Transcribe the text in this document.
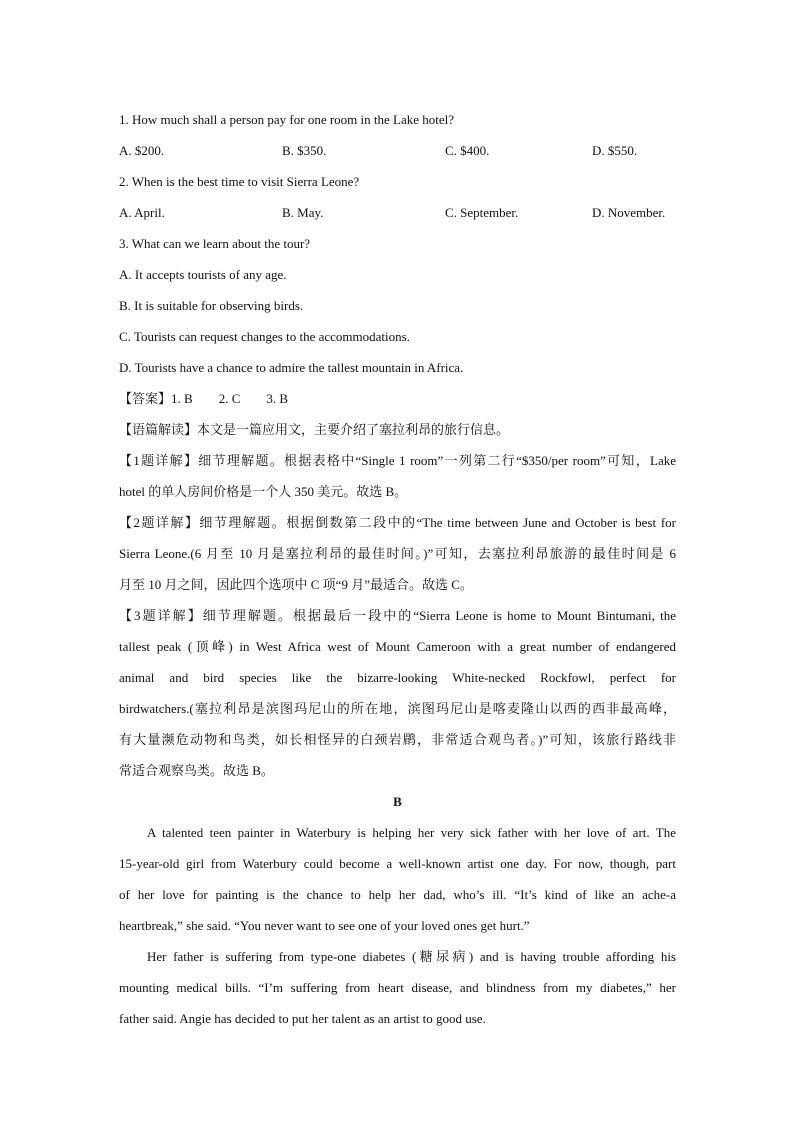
1. How much shall a person pay for one room in the Lake hotel?
A. $200.	B. $350.	C. $400.	D. $550.
2. When is the best time to visit Sierra Leone?
A. April.	B. May.	C. September.	D. November.
3. What can we learn about the tour?
A. It accepts tourists of any age.
B. It is suitable for observing birds.
C. Tourists can request changes to the accommodations.
D. Tourists have a chance to admire the tallest mountain in Africa.
【答案】1. B 2. C 3. B
【语篇解读】本文是一篇应用文，主要介绍了塞拉利昂的旅行信息。
【1题详解】细节理解题。根据表格中“Single 1 room”一列第二行“$350/per room”可知，Lake
hotel 的单人房间价格是一个人 350 美元。故选 B。
【2题详解】细节理解题。根据倒数第二段中的“The time between June and October is best for
Sierra Leone.(6 月至 10 月是塞拉利昂的最佳时间。)”可知，去塞拉利昂旅游的最佳时间是 6
月至 10 月之间，因此四个选项中 C 项“9 月”最适合。故选 C。
【3题详解】细节理解题。根据最后一段中的“Sierra Leone is home to Mount Bintumani, the
tallest peak (顶峰) in West Africa west of Mount Cameroon with a great number of endangered
animal and bird species like the bizarre-looking White-necked Rockfowl, perfect for
birdwatchers.(塞拉利昂是滨图玛尼山的所在地，滨图玛尼山是喀麦隆山以西的西非最高峰，
有大量濒危动物和鸟类，如长相怪异的白颈岩鹛，非常适合观鸟者。)”可知，该旅行路线非
常适合观察鸟类。故选 B。
B
A talented teen painter in Waterbury is helping her very sick father with her love of art. The
15-year-old girl from Waterbury could become a well-known artist one day. For now, though, part
of her love for painting is the chance to help her dad, who’s ill. “It’s kind of like an ache-a
heartbreak,” she said. “You never want to see one of your loved ones get hurt.”
Her father is suffering from type-one diabetes (糖尿病) and is having trouble affording his
mounting medical bills. “I’m suffering from heart disease, and blindness from my diabetes,” her
father said. Angie has decided to put her talent as an artist to good use.
